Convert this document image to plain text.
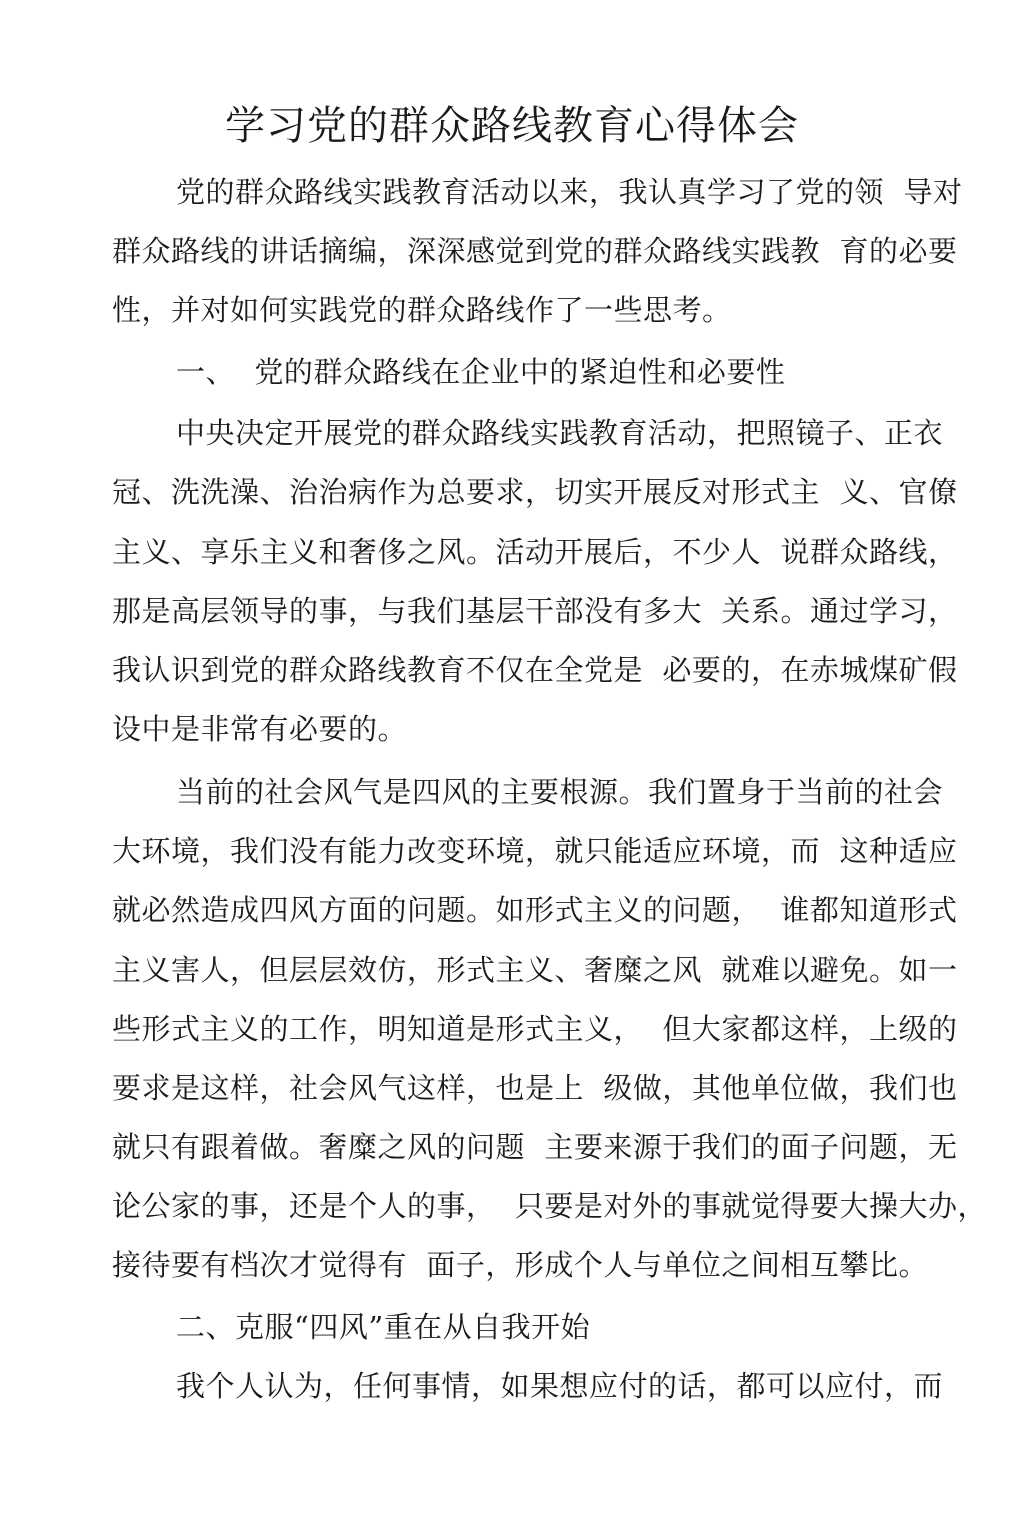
学习党的群众路线教育心得体会
党的群众路线实践教育活动以来，我认真学习了党的领  导对
群众路线的讲话摘编，深深感觉到党的群众路线实践教  育的必要
性，并对如何实践党的群众路线作了一些思考。
一、  党的群众路线在企业中的紧迫性和必要性
中央决定开展党的群众路线实践教育活动，把照镜子、正衣
冠、洗洗澡、治治病作为总要求，切实开展反对形式主  义、官僚
主义、享乐主义和奢侈之风。活动开展后，不少人  说群众路线，
那是高层领导的事，与我们基层干部没有多大  关系。通过学习，
我认识到党的群众路线教育不仅在全党是  必要的，在赤城煤矿假
设中是非常有必要的。
当前的社会风气是四风的主要根源。我们置身于当前的社会
大环境，我们没有能力改变环境，就只能适应环境，而  这种适应
就必然造成四风方面的问题。如形式主义的问题，  谁都知道形式
主义害人，但层层效仿，形式主义、奢糜之风  就难以避免。如一
些形式主义的工作，明知道是形式主义，  但大家都这样，上级的
要求是这样，社会风气这样，也是上  级做，其他单位做，我们也
就只有跟着做。奢糜之风的问题  主要来源于我们的面子问题，无
论公家的事，还是个人的事，  只要是对外的事就觉得要大操大办，
接待要有档次才觉得有  面子，形成个人与单位之间相互攀比。
二、克服“四风”重在从自我开始
我个人认为，任何事情，如果想应付的话，都可以应付，而
